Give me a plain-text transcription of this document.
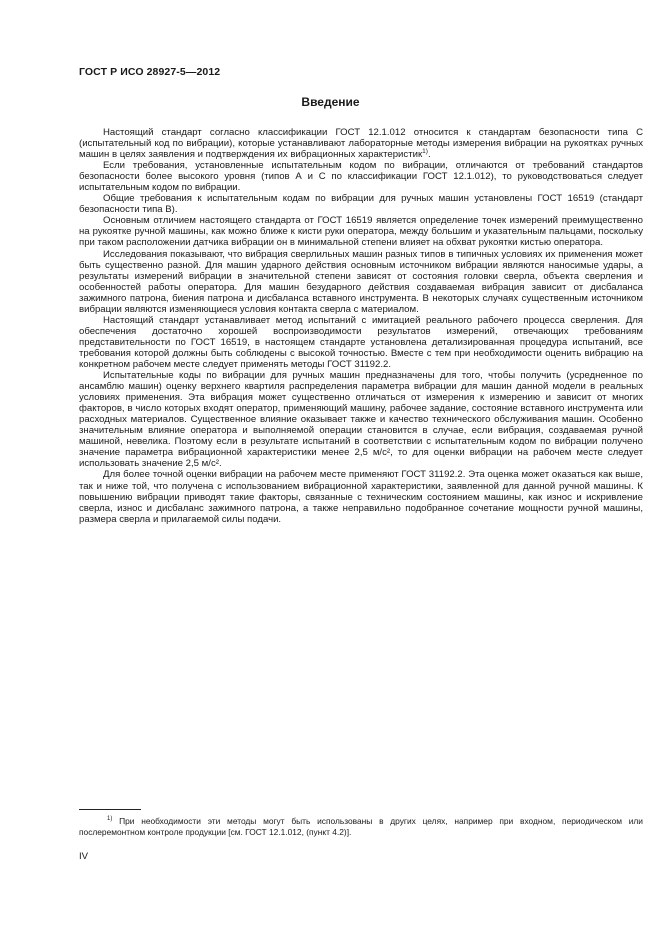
ГОСТ Р ИСО 28927-5—2012
Введение

Настоящий стандарт согласно классификации ГОСТ 12.1.012 относится к стандартам безопасности типа С (испытательный код по вибрации), которые устанавливают лабораторные методы измерения вибрации на рукоятках ручных машин в целях заявления и подтверждения их вибрационных характеристик$^{1)}$.

Если требования, установленные испытательным кодом по вибрации, отличаются от требований стандартов безопасности более высокого уровня (типов А и С по классификации ГОСТ 12.1.012), то руководствоваться следует испытательным кодом по вибрации.

Общие требования к испытательным кодам по вибрации для ручных машин установлены ГОСТ 16519 (стандарт безопасности типа В).

Основным отличием настоящего стандарта от ГОСТ 16519 является определение точек измерений преимущественно на рукоятке ручной машины, как можно ближе к кисти руки оператора, между большим и указательным пальцами, поскольку при таком расположении датчика вибрации он в минимальной степени влияет на обхват рукоятки кистью оператора.

Исследования показывают, что вибрация сверлильных машин разных типов в типичных условиях их применения может быть существенно разной. Для машин ударного действия основным источником вибрации являются наносимые удары, а результаты измерений вибрации в значительной степени зависят от состояния головки сверла, объекта сверления и особенностей работы оператора. Для машин безударного действия создаваемая вибрация зависит от дисбаланса зажимного патрона, биения патрона и дисбаланса вставного инструмента. В некоторых случаях существенным источником вибрации являются изменяющиеся условия контакта сверла с материалом.

Настоящий стандарт устанавливает метод испытаний с имитацией реального рабочего процесса сверления. Для обеспечения достаточно хорошей воспроизводимости результатов измерений, отвечающих требованиям представительности по ГОСТ 16519, в настоящем стандарте установлена детализированная процедура испытаний, все требования которой должны быть соблюдены с высокой точностью. Вместе с тем при необходимости оценить вибрацию на конкретном рабочем месте следует применять методы ГОСТ 31192.2.

Испытательные коды по вибрации для ручных машин предназначены для того, чтобы получить (усредненное по ансамблю машин) оценку верхнего квартиля распределения параметра вибрации для машин данной модели в реальных условиях применения. Эта вибрация может существенно отличаться от измерения к измерению и зависит от многих факторов, в число которых входят оператор, применяющий машину, рабочее задание, состояние вставного инструмента или расходных материалов. Существенное влияние оказывает также и качество технического обслуживания машин. Особенно значительным влияние оператора и выполняемой операции становится в случае, если вибрация, создаваемая ручной машиной, невелика. Поэтому если в результате испытаний в соответствии с испытательным кодом по вибрации получено значение параметра вибрационной характеристики менее 2,5 м/с², то для оценки вибрации на рабочем месте следует использовать значение 2,5 м/с².

Для более точной оценки вибрации на рабочем месте применяют ГОСТ 31192.2. Эта оценка может оказаться как выше, так и ниже той, что получена с использованием вибрационной характеристики, заявленной для данной ручной машины. К повышению вибрации приводят такие факторы, связанные с техническим состоянием машины, как износ и искривление сверла, износ и дисбаланс зажимного патрона, а также неправильно подобранное сочетание мощности ручной машины, размера сверла и прилагаемой силы подачи.

$^{1)}$ При необходимости эти методы могут быть использованы в других целях, например при входном, периодическом или послеремонтном контроле продукции [см. ГОСТ 12.1.012, (пункт 4.2)].

IV
